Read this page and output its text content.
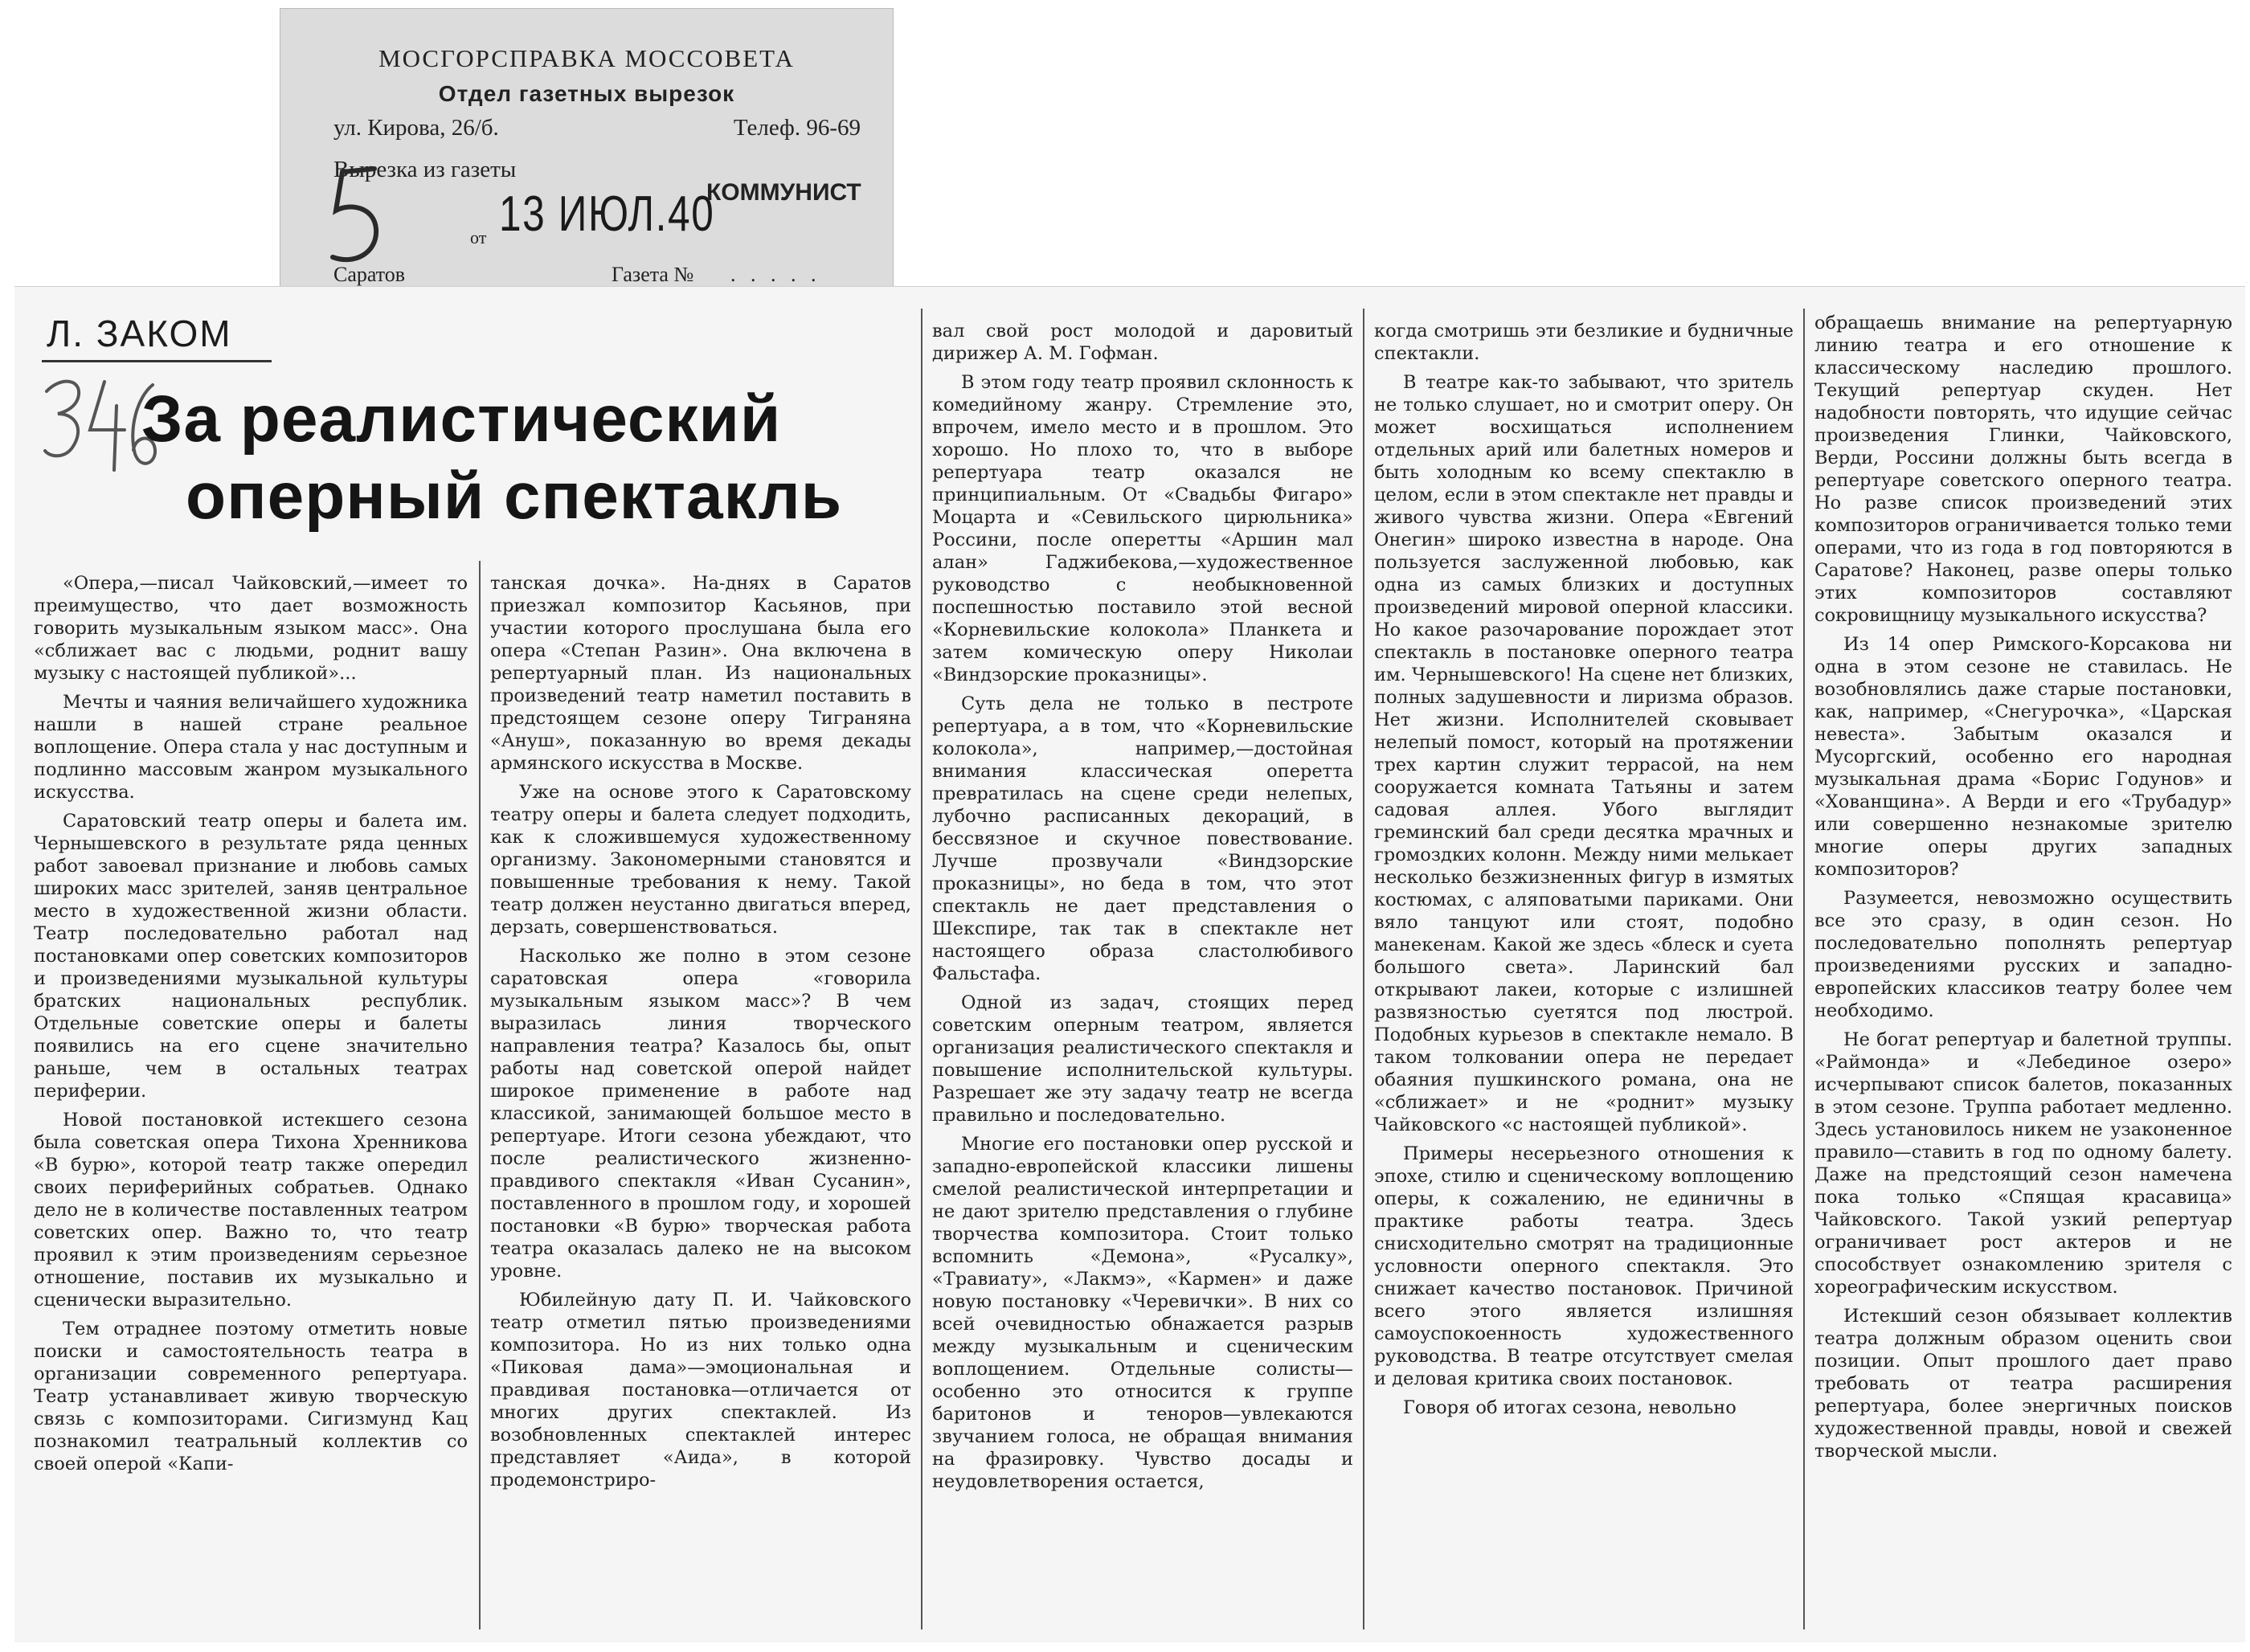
МОСГОРСПРАВКА МОССОВЕТА
Отдел газетных вырезок
ул. Кирова, 26/б.	Телеф. 96-69
Вырезка из газеты
от 13 ИЮЛ.40
КОММУНИСТ
Саратов	Газета № . . . . .
Л. ЗАКОМ
За реалистический
оперный спектакль

«Опера,—писал Чайковский,—имеет то преимущество, что дает возможность говорить музыкальным языком масс». Она «сближает вас с людьми, роднит вашу музыку с настоящей публикой»...

Мечты и чаяния величайшего художника нашли в нашей стране реальное воплощение. Опера стала у нас доступным и подлинно массовым жанром музыкального искусства.

Саратовский театр оперы и балета им. Чернышевского в результате ряда ценных работ завоевал признание и любовь самых широких масс зрителей, заняв центральное место в художественной жизни области. Театр последовательно работал над постановками опер советских композиторов и произведениями музыкальной культуры братских национальных республик. Отдельные советские оперы и балеты появились на его сцене значительно раньше, чем в остальных театрах периферии.

Новой постановкой истекшего сезона была советская опера Тихона Хренникова «В бурю», которой театр также опередил своих периферийных собратьев. Однако дело не в количестве поставленных театром советских опер. Важно то, что театр проявил к этим произведениям серьезное отношение, поставив их музыкально и сценически выразительно.

Тем отраднее поэтому отметить новые поиски и самостоятельность театра в организации современного репертуара. Театр устанавливает живую творческую связь с композиторами. Сигизмунд Кац познакомил театральный коллектив со своей оперой «Капи-

танская дочка». На-днях в Саратов приезжал композитор Касьянов, при участии которого прослушана была его опера «Степан Разин». Она включена в репертуарный план. Из национальных произведений театр наметил поставить в предстоящем сезоне оперу Тиграняна «Ануш», показанную во время декады армянского искусства в Москве.

Уже на основе этого к Саратовскому театру оперы и балета следует подходить, как к сложившемуся художественному организму. Закономерными становятся и повышенные требования к нему. Такой театр должен неустанно двигаться вперед, дерзать, совершенствоваться.

Насколько же полно в этом сезоне саратовская опера «говорила музыкальным языком масс»? В чем выразилась линия творческого направления театра? Казалось бы, опыт работы над советской оперой найдет широкое применение в работе над классикой, занимающей большое место в репертуаре. Итоги сезона убеждают, что после реалистического жизненно-правдивого спектакля «Иван Сусанин», поставленного в прошлом году, и хорошей постановки «В бурю» творческая работа театра оказалась далеко не на высоком уровне.

Юбилейную дату П. И. Чайковского театр отметил пятью произведениями композитора. Но из них только одна «Пиковая дама»—эмоциональная и правдивая постановка—отличается от многих других спектаклей. Из возобновленных спектаклей интерес представляет «Аида», в которой продемонстриро-

вал свой рост молодой и даровитый дирижер А. М. Гофман.

В этом году театр проявил склонность к комедийному жанру. Стремление это, впрочем, имело место и в прошлом. Это хорошо. Но плохо то, что в выборе репертуара театр оказался не принципиальным. От «Свадьбы Фигаро» Моцарта и «Севильского цирюльника» Россини, после оперетты «Аршин мал алан» Гаджибекова,—художественное руководство с необыкновенной поспешностью поставило этой весной «Корневильские колокола» Планкета и затем комическую оперу Николаи «Виндзорские проказницы».

Суть дела не только в пестроте репертуара, а в том, что «Корневильские колокола», например,—достойная внимания классическая оперетта превратилась на сцене среди нелепых, лубочно расписанных декораций, в бессвязное и скучное повествование. Лучше прозвучали «Виндзорские проказницы», но беда в том, что этот спектакль не дает представления о Шекспире, так так в спектакле нет настоящего образа сластолюбивого Фальстафа.

Одной из задач, стоящих перед советским оперным театром, является организация реалистического спектакля и повышение исполнительской культуры. Разрешает же эту задачу театр не всегда правильно и последовательно.

Многие его постановки опер русской и западно-европейской классики лишены смелой реалистической интерпретации и не дают зрителю представления о глубине творчества композитора. Стоит только вспомнить «Демона», «Русалку», «Травиату», «Лакмэ», «Кармен» и даже новую постановку «Черевички». В них со всей очевидностью обнажается разрыв между музыкальным и сценическим воплощением. Отдельные солисты—особенно это относится к группе баритонов и теноров—увлекаются звучанием голоса, не обращая внимания на фразировку. Чувство досады и неудовлетворения остается,

когда смотришь эти безликие и будничные спектакли.

В театре как-то забывают, что зритель не только слушает, но и смотрит оперу. Он может восхищаться исполнением отдельных арий или балетных номеров и быть холодным ко всему спектаклю в целом, если в этом спектакле нет правды и живого чувства жизни. Опера «Евгений Онегин» широко известна в народе. Она пользуется заслуженной любовью, как одна из самых близких и доступных произведений мировой оперной классики. Но какое разочарование порождает этот спектакль в постановке оперного театра им. Чернышевского! На сцене нет близких, полных задушевности и лиризма образов. Нет жизни. Исполнителей сковывает нелепый помост, который на протяжении трех картин служит террасой, на нем сооружается комната Татьяны и затем садовая аллея. Убого выглядит греминский бал среди десятка мрачных и громоздких колонн. Между ними мелькает несколько безжизненных фигур в измятых костюмах, с аляповатыми париками. Они вяло танцуют или стоят, подобно манекенам. Какой же здесь «блеск и суета большого света». Ларинский бал открывают лакеи, которые с излишней развязностью суетятся под люстрой. Подобных курьезов в спектакле немало. В таком толковании опера не передает обаяния пушкинского романа, она не «сближает» и не «роднит» музыку Чайковского «с настоящей публикой».

Примеры несерьезного отношения к эпохе, стилю и сценическому воплощению оперы, к сожалению, не единичны в практике работы театра. Здесь снисходительно смотрят на традиционные условности оперного спектакля. Это снижает качество постановок. Причиной всего этого является излишняя самоуспокоенность художественного руководства. В театре отсутствует смелая и деловая критика своих постановок.

Говоря об итогах сезона, невольно

обращаешь внимание на репертуарную линию театра и его отношение к классическому наследию прошлого. Текущий репертуар скуден. Нет надобности повторять, что идущие сейчас произведения Глинки, Чайковского, Верди, Россини должны быть всегда в репертуаре советского оперного театра. Но разве список произведений этих композиторов ограничивается только теми операми, что из года в год повторяются в Саратове? Наконец, разве оперы только этих композиторов составляют сокровищницу музыкального искусства?

Из 14 опер Римского-Корсакова ни одна в этом сезоне не ставилась. Не возобновлялись даже старые постановки, как, например, «Снегурочка», «Царская невеста». Забытым оказался и Мусоргский, особенно его народная музыкальная драма «Борис Годунов» и «Хованщина». А Верди и его «Трубадур» или совершенно незнакомые зрителю многие оперы других западных композиторов?

Разумеется, невозможно осуществить все это сразу, в один сезон. Но последовательно пополнять репертуар произведениями русских и западно-европейских классиков театру более чем необходимо.

Не богат репертуар и балетной труппы. «Раймонда» и «Лебединое озеро» исчерпывают список балетов, показанных в этом сезоне. Труппа работает медленно. Здесь установилось никем не узаконенное правило—ставить в год по одному балету. Даже на предстоящий сезон намечена пока только «Спящая красавица» Чайковского. Такой узкий репертуар ограничивает рост актеров и не способствует ознакомлению зрителя с хореографическим искусством.

Истекший сезон обязывает коллектив театра должным образом оценить свои позиции. Опыт прошлого дает право требовать от театра расширения репертуара, более энергичных поисков художественной правды, новой и свежей творческой мысли.
